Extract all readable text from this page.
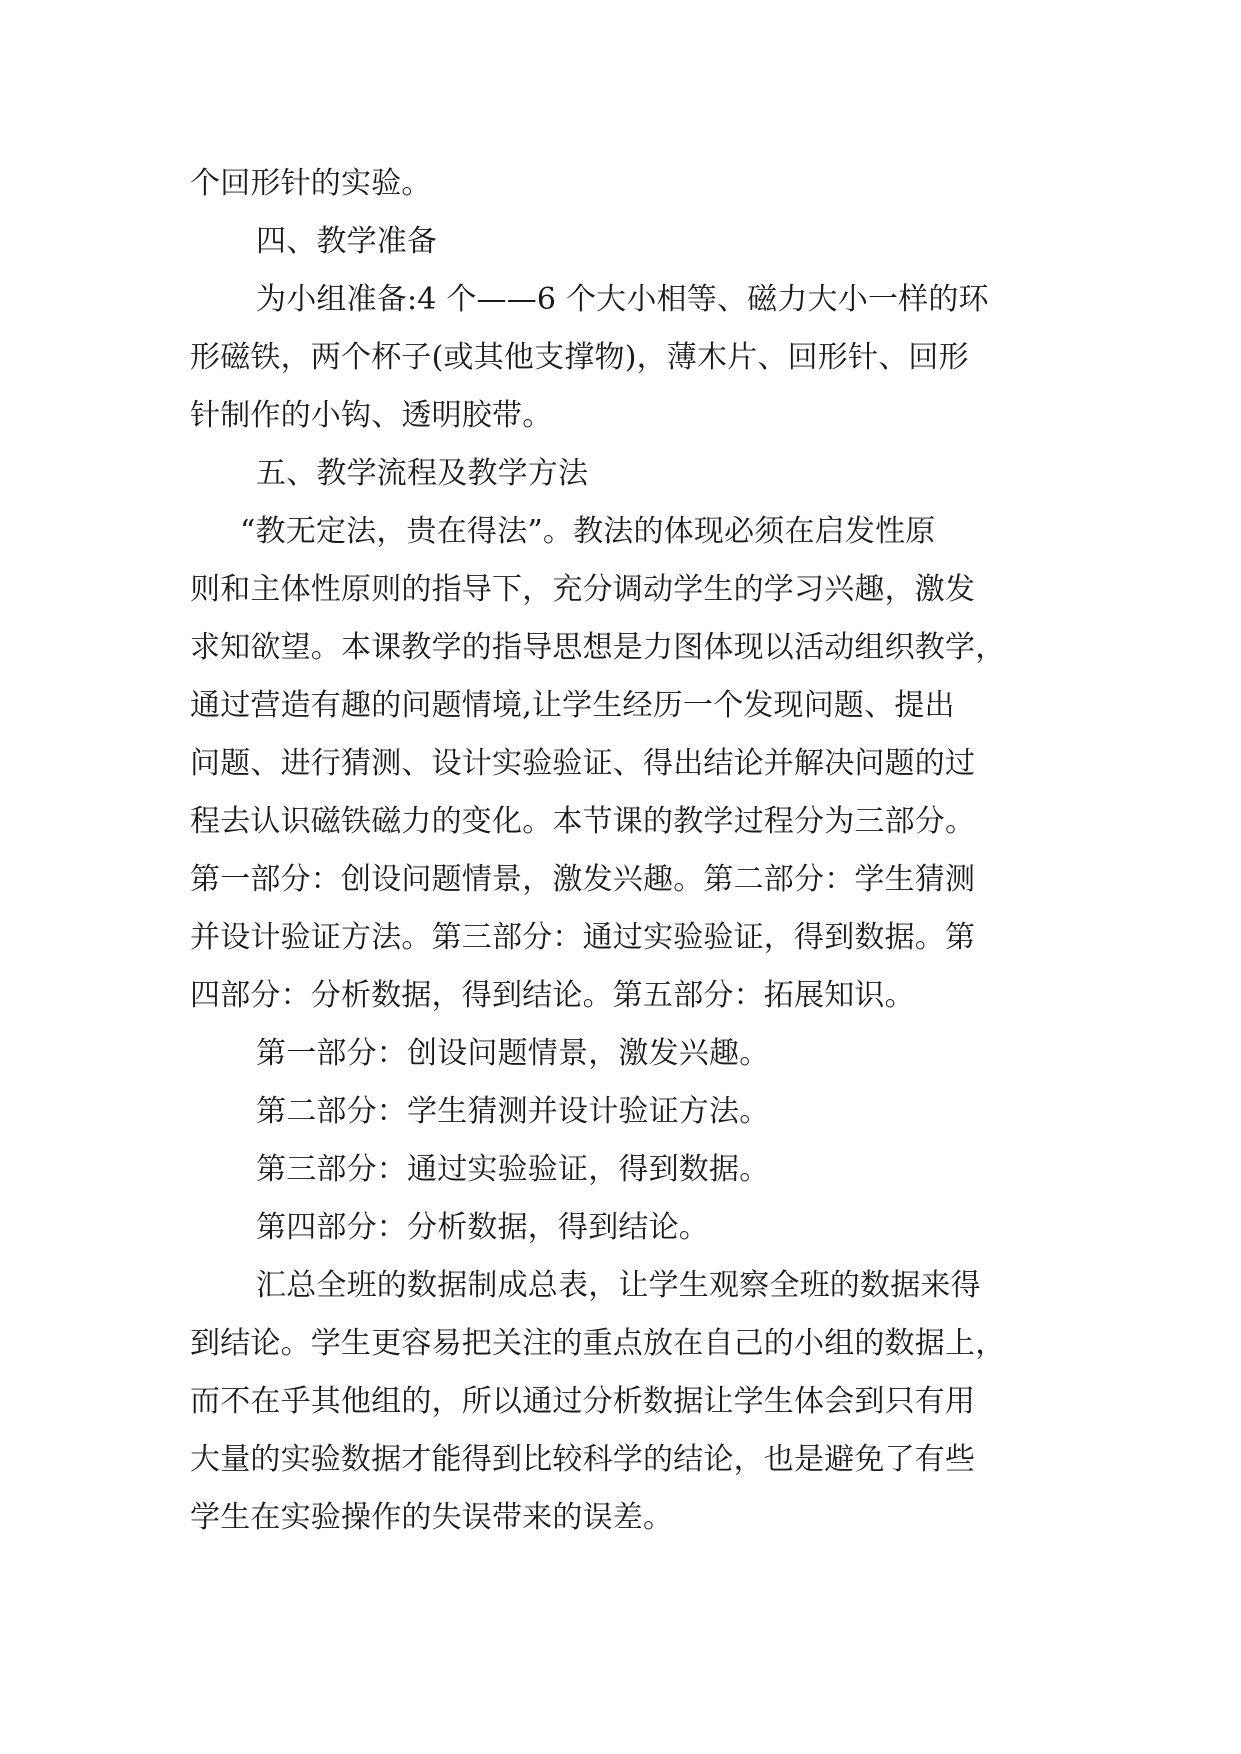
个回形针的实验。
四、教学准备
为小组准备:4 个——6 个大小相等、磁力大小一样的环
形磁铁，两个杯子(或其他支撑物)，薄木片、回形针、回形
针制作的小钩、透明胶带。
五、教学流程及教学方法
“教无定法，贵在得法”。教法的体现必须在启发性原
则和主体性原则的指导下，充分调动学生的学习兴趣，激发
求知欲望。本课教学的指导思想是力图体现以活动组织教学，
通过营造有趣的问题情境,让学生经历一个发现问题、提出
问题、进行猜测、设计实验验证、得出结论并解决问题的过
程去认识磁铁磁力的变化。本节课的教学过程分为三部分。
第一部分：创设问题情景，激发兴趣。第二部分：学生猜测
并设计验证方法。第三部分：通过实验验证，得到数据。第
四部分：分析数据，得到结论。第五部分：拓展知识。
第一部分：创设问题情景，激发兴趣。
第二部分：学生猜测并设计验证方法。
第三部分：通过实验验证，得到数据。
第四部分：分析数据，得到结论。
汇总全班的数据制成总表，让学生观察全班的数据来得
到结论。学生更容易把关注的重点放在自己的小组的数据上，
而不在乎其他组的，所以通过分析数据让学生体会到只有用
大量的实验数据才能得到比较科学的结论，也是避免了有些
学生在实验操作的失误带来的误差。
